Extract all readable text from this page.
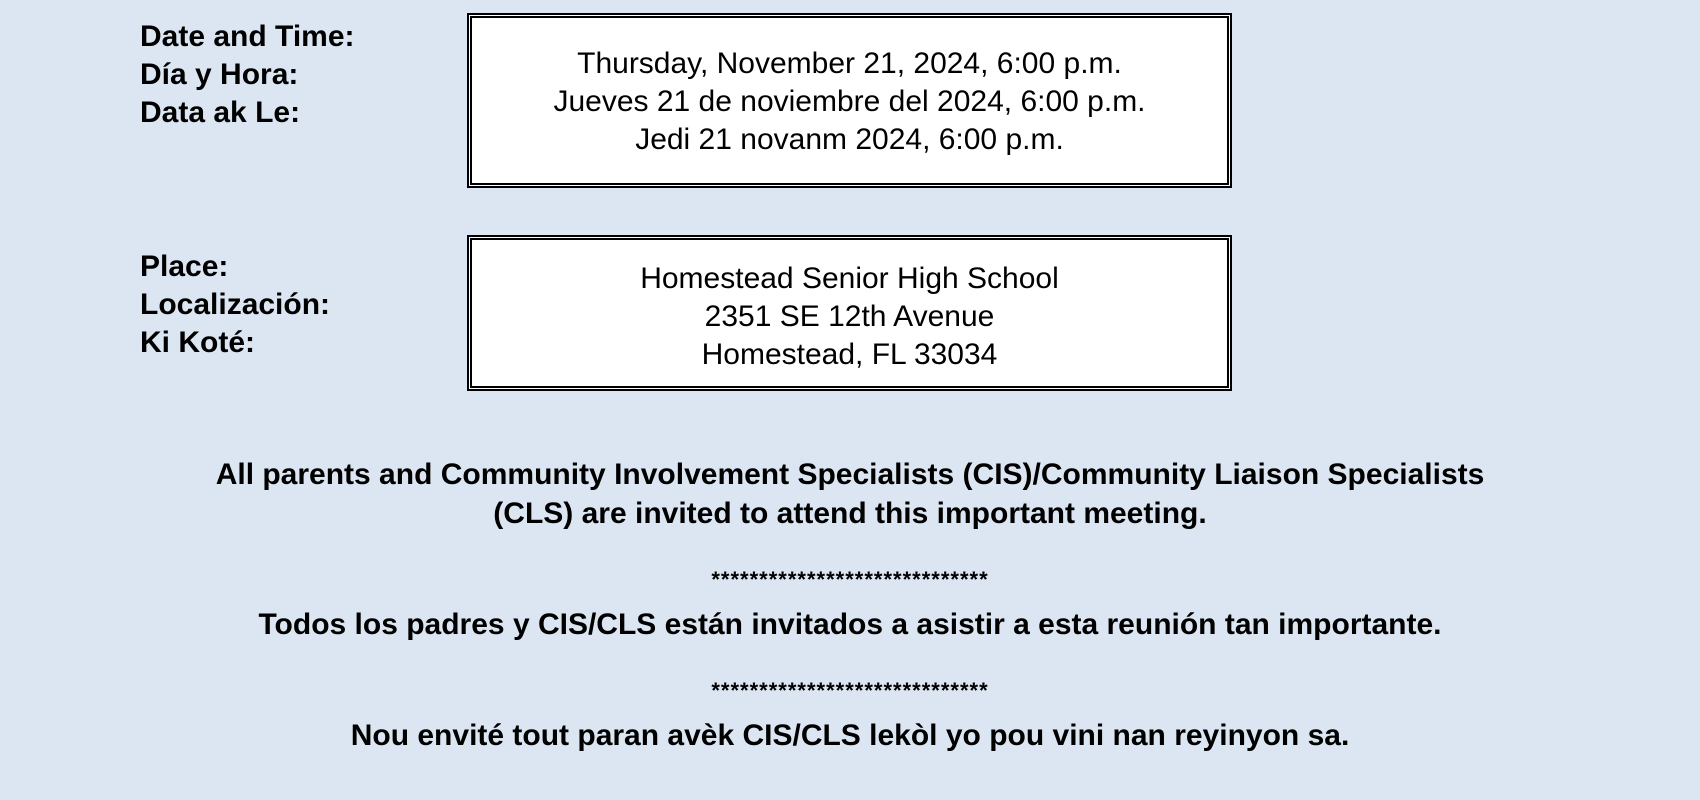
Date and Time:
Día y Hora:
Data ak Le:
Thursday, November 21, 2024, 6:00 p.m.
Jueves 21 de noviembre del 2024, 6:00 p.m.
Jedi 21 novanm 2024, 6:00 p.m.
Place:
Localización:
Ki Koté:
Homestead Senior High School
2351 SE 12th Avenue
Homestead, FL 33034
All parents and Community Involvement Specialists (CIS)/Community Liaison Specialists
(CLS) are invited to attend this important meeting.
*****************************
Todos los padres y CIS/CLS están invitados a asistir a esta reunión tan importante.
*****************************
Nou envité tout paran avèk CIS/CLS lekòl yo pou vini nan reyinyon sa.
